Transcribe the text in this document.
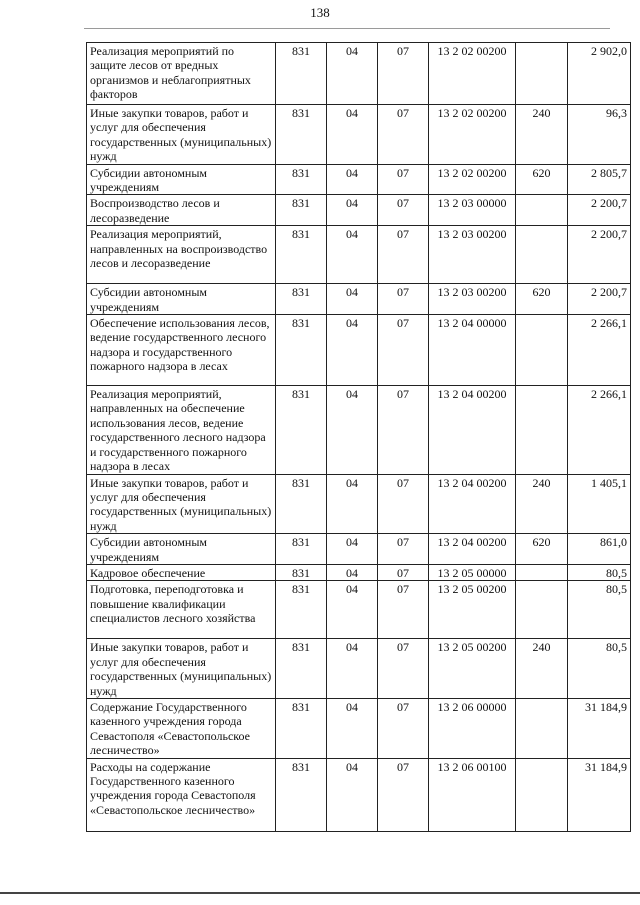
138
Реализация мероприятий по защите лесов от вредных организмов и неблагоприятных факторов	831	04	07	13 2 02 00200		2 902,0
Иные закупки товаров, работ и услуг для обеспечения государственных (муниципальных) нужд	831	04	07	13 2 02 00200	240	96,3
Субсидии автономным учреждениям	831	04	07	13 2 02 00200	620	2 805,7
Воспроизводство лесов и лесоразведение	831	04	07	13 2 03 00000		2 200,7
Реализация мероприятий, направленных на воспроизводство лесов и лесоразведение	831	04	07	13 2 03 00200		2 200,7
Субсидии автономным учреждениям	831	04	07	13 2 03 00200	620	2 200,7
Обеспечение использования лесов, ведение государственного лесного надзора и государственного пожарного надзора в лесах	831	04	07	13 2 04 00000		2 266,1
Реализация мероприятий, направленных на обеспечение использования лесов, ведение государственного лесного надзора и государственного пожарного надзора в лесах	831	04	07	13 2 04 00200		2 266,1
Иные закупки товаров, работ и услуг для обеспечения государственных (муниципальных) нужд	831	04	07	13 2 04 00200	240	1 405,1
Субсидии автономным учреждениям	831	04	07	13 2 04 00200	620	861,0
Кадровое обеспечение	831	04	07	13 2 05 00000		80,5
Подготовка, переподготовка и повышение квалификации специалистов лесного хозяйства	831	04	07	13 2 05 00200		80,5
Иные закупки товаров, работ и услуг для обеспечения государственных (муниципальных) нужд	831	04	07	13 2 05 00200	240	80,5
Содержание Государственного казенного учреждения города Севастополя «Севастопольское лесничество»	831	04	07	13 2 06 00000		31 184,9
Расходы на содержание Государственного казенного учреждения города Севастополя «Севастопольское лесничество»	831	04	07	13 2 06 00100		31 184,9
